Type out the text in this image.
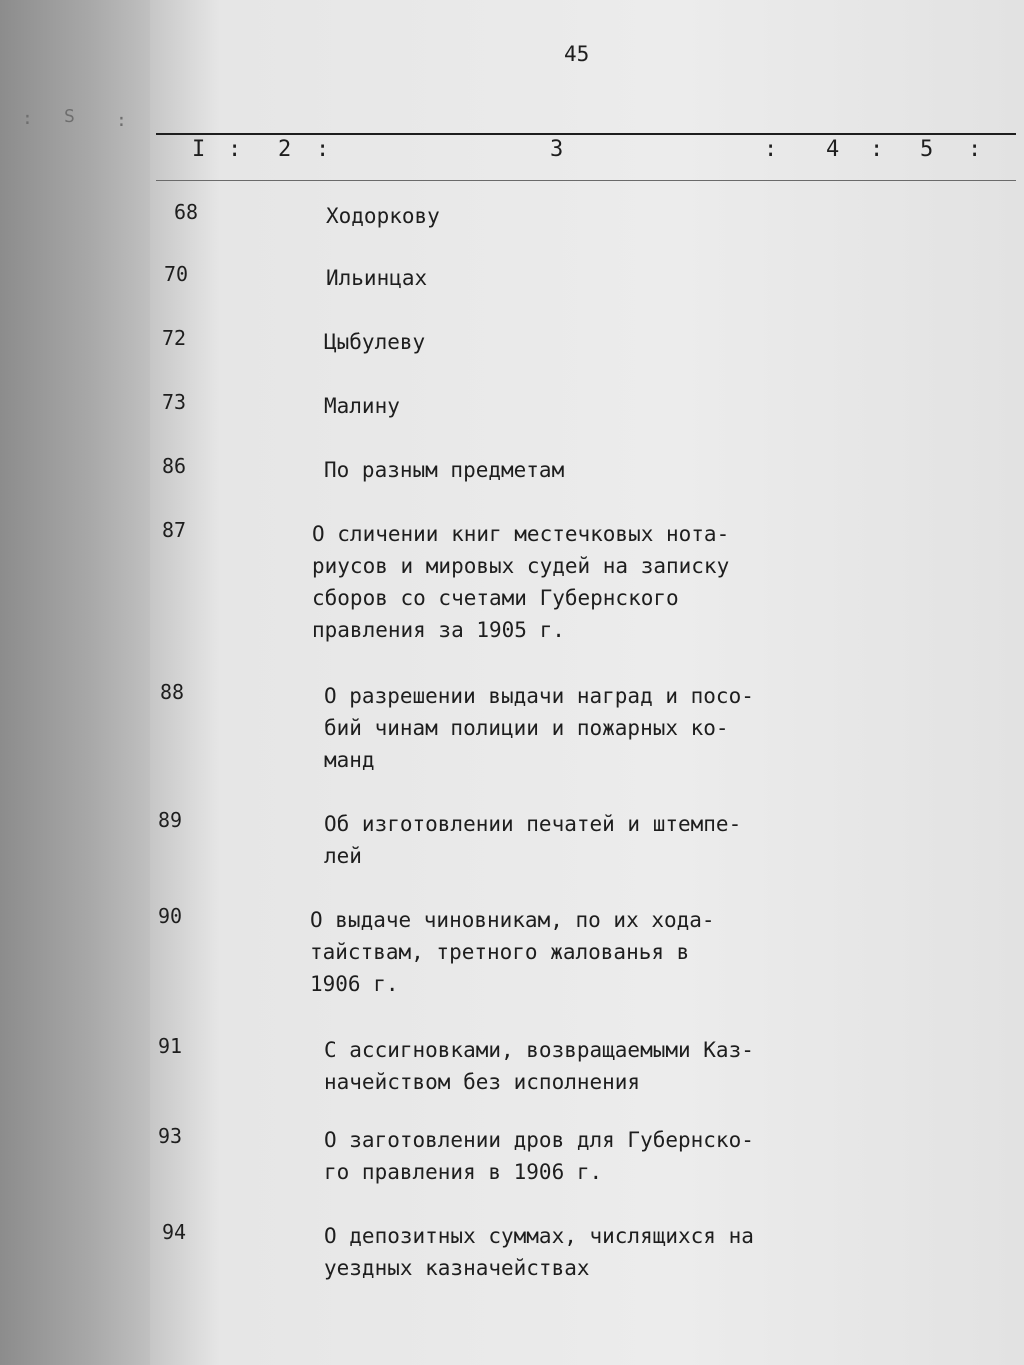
: S :
45
I : 2 :	3	: 4 : 5 :
68	Ходоркову
70	Ильинцах
72	Цыбулеву
73	Малину
86	По разным предметам
87	О сличении книг местечковых нота-
риусов и мировых судей на записку
сборов со счетами Губернского
правления за 1905 г.
88	О разрешении выдачи наград и посо-
бий чинам полиции и пожарных ко-
манд
89	Об изготовлении печатей и штемпе-
лей
90	О выдаче чиновникам, по их хода-
тайствам, третного жалованья в
1906 г.
91	С ассигновками, возвращаемыми Каз-
начейством без исполнения
93	О заготовлении дров для Губернско-
го правления в 1906 г.
94	О депозитных суммах, числящихся на
уездных казначействах
